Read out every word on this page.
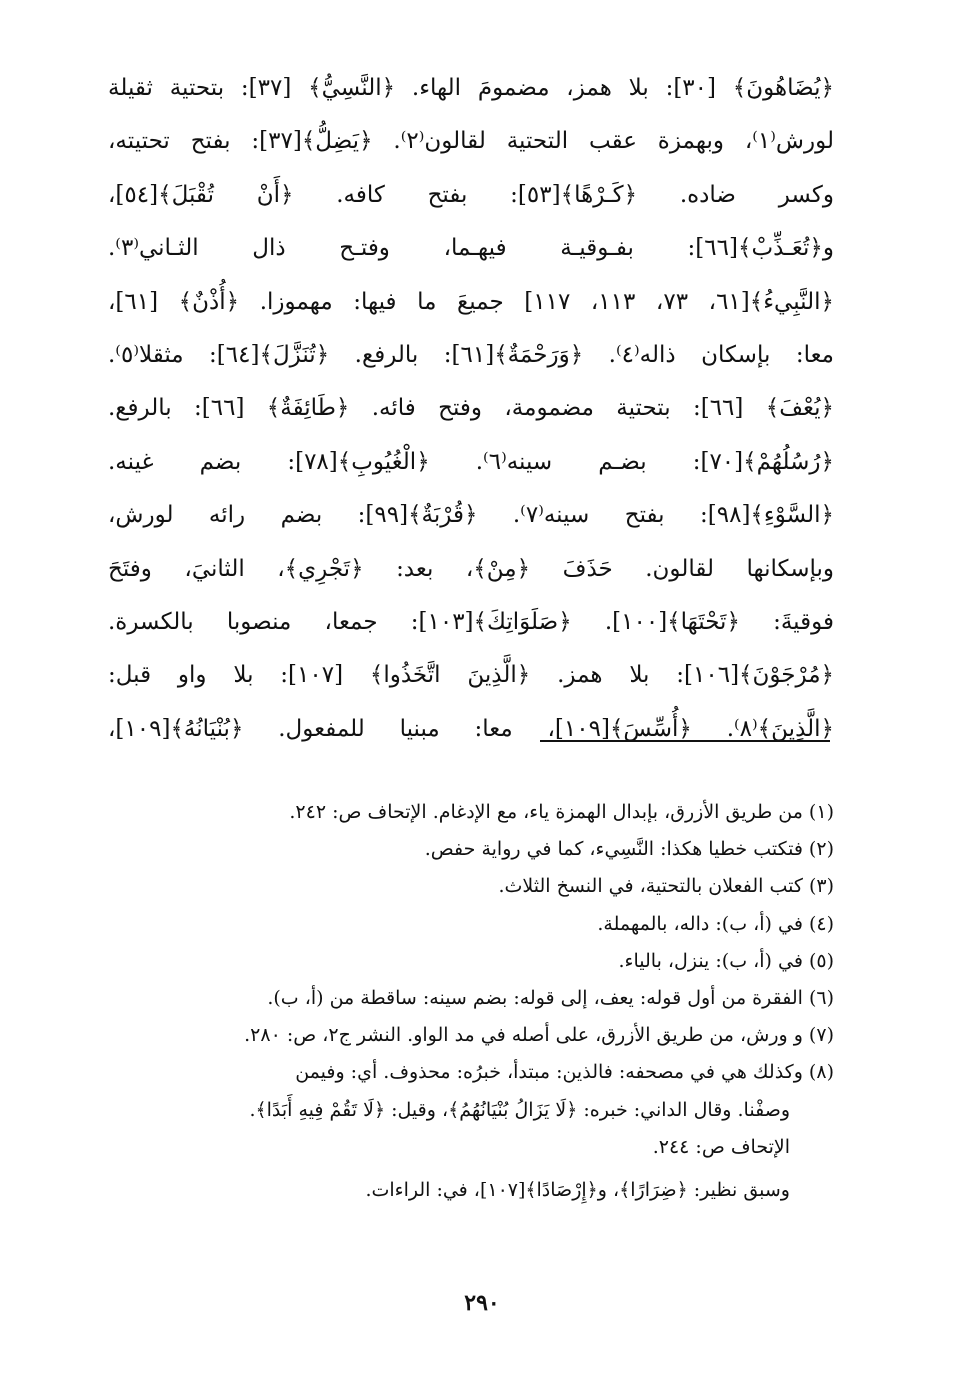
﴿يُضَاهُونَ﴾ [٣٠]: بلا همز، مضمومَ الهاء. ﴿النَّسِيُّ﴾ [٣٧]: بتحتية ثقيلة
لورش⁽١⁾، وبهمزة عقب التحتية لقالون⁽٢⁾. ﴿يَضِلُّ﴾[٣٧]: بفتح تحتيته،
وكسر ضاده. ﴿كَـرْهًا﴾[٥٣]: بفتح كافه. ﴿أَنْ تُقْبَلَ﴾[٥٤]،
و﴿تُعَـذِّبْ﴾[٦٦]: بفـوقيـة فيهـما، وفتـح ذال الثـاني⁽٣⁾.
﴿النَّبِيءُ﴾[٦١، ٧٣، ١١٣، ١١٧] جميعَ ما فيها: مهموزا. ﴿أُذْنٌ﴾ [٦١]،
معا: بإسكان ذاله⁽٤⁾. ﴿وَرَحْمَةٌ﴾[٦١]: بالرفع. ﴿تُنَزَّلَ﴾[٦٤]: مثقلا⁽٥⁾.
﴿يُعْفَ﴾ [٦٦]: بتحتية مضمومة، وفتح فائه. ﴿طَائِفَةٌ﴾ [٦٦]: بالرفع.
﴿رُسُلُهُمْ﴾[٧٠]: بضـم سينه⁽٦⁾. ﴿الْغُيُوبِ﴾[٧٨]: بضم غينه.
﴿السَّوْءِ﴾[٩٨]: بفتح سينه⁽٧⁾. ﴿قُرْبَةٌ﴾[٩٩]: بضم رائه لورش،
وبإسكانها لقالون. حَذَفَ ﴿مِنْ﴾، بعد: ﴿تَجْرِي﴾، الثانيَ، وفتَحَ
فوقيةَ: ﴿تَحْتَهَا﴾[١٠٠]. ﴿صَلَوَاتِكَ﴾[١٠٣]: جمعا، منصوبا بالكسرة.
﴿مُرْجَوْنَ﴾[١٠٦]: بلا همز. ﴿الَّذِينَ اتَّخَذُوا﴾ [١٠٧]: بلا واو قبل:
﴿الَّذِينَ﴾⁽٨⁾. ﴿أُسِّسَ﴾[١٠٩]، معا: مبنيا للمفعول. ﴿بُنْيَانُهُ﴾[١٠٩]،
(١) من طريق الأزرق، بإبدال الهمزة ياء، مع الإدغام. الإتحاف ص: ٢٤٢.
(٢) فتكتب خطيا هكذا: النَّسِيء، كما في رواية حفص.
(٣) كتب الفعلان بالتحتية، في النسخ الثلاث.
(٤) في (أ، ب): داله، بالمهملة.
(٥) في (أ، ب): ينزل، بالياء.
(٦) الفقرة من أول قوله: يعف، إلى قوله: بضم سينه: ساقطة من (أ، ب).
(٧) و ورش، من طريق الأزرق، على أصله في مد الواو. النشر ج٢، ص: ٢٨٠.
(٨) وكذلك هي في مصحفه: فالذين: مبتدأ، خبرُه: محذوف. أي: وفيمن
وصفْنا. وقال الداني: خبره: ﴿لَا يَزَالُ بُنْيَانُهُمُ﴾، وقيل: ﴿لَا تَقُمْ فِيهِ أَبَدًا﴾.
الإتحاف ص: ٢٤٤.
وسبق نظير: ﴿ضِرَارًا﴾، و﴿إِرْصَادًا﴾[١٠٧]، في: الراءات.
٢٩٠
